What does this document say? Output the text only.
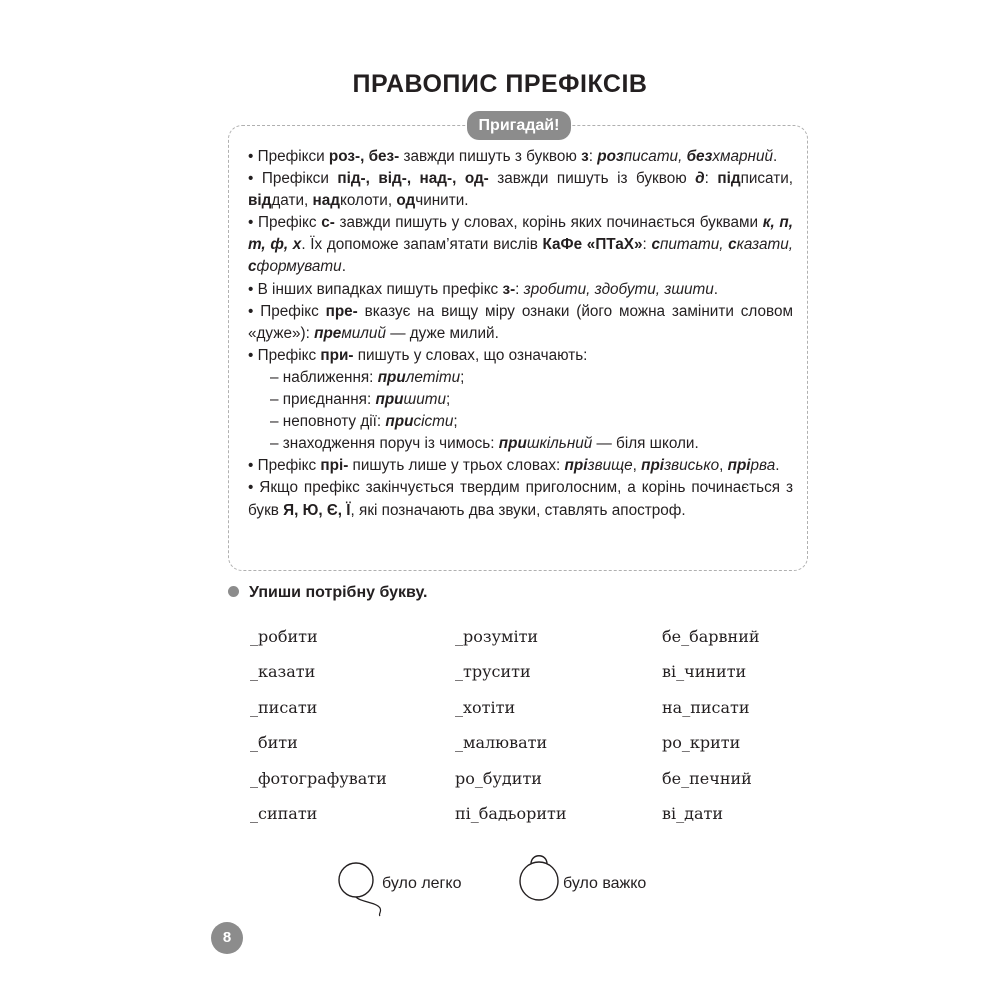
ПРАВОПИС ПРЕФІКСІВ
Пригадай!

• Префікси роз-, без- завжди пишуть з буквою з: розписати, безхмарний.

• Префікси під-, від-, над-, од- завжди пишуть із буквою д: підписати, віддати, надколоти, одчинити.

• Префікс с- завжди пишуть у словах, корінь яких починається буквами к, п, т, ф, х. Їх допоможе запам’ятати вислів КаФе «ПТаХ»: спитати, сказати, сформувати.

• В інших випадках пишуть префікс з-: зробити, здобути, зшити.

• Префікс пре- вказує на вищу міру ознаки (його можна замінити словом «дуже»): премилий — дуже милий.

• Префікс при- пишуть у словах, що означають:

– наближення: прилетіти;

– приєднання: пришити;

– неповноту дії: присісти;

– знаходження поруч із чимось: пришкільний — біля школи.

• Префікс прі- пишуть лише у трьох словах: прізвище, прізвисько, прірва.

• Якщо префікс закінчується твердим приголосним, а корінь починається з букв Я, Ю, Є, Ї, які позначають два звуки, ставлять апостроф.

Упиши потрібну букву.
_робити
_казати
_писати
_бити
_фотографувати
_сипати
_розуміти
_трусити
_хотіти
_малювати
ро_будити
пі_бадьорити
бе_барвний
ві_чинити
на_писати
ро_крити
бе_печний
ві_дати
було легко	було важко
8
